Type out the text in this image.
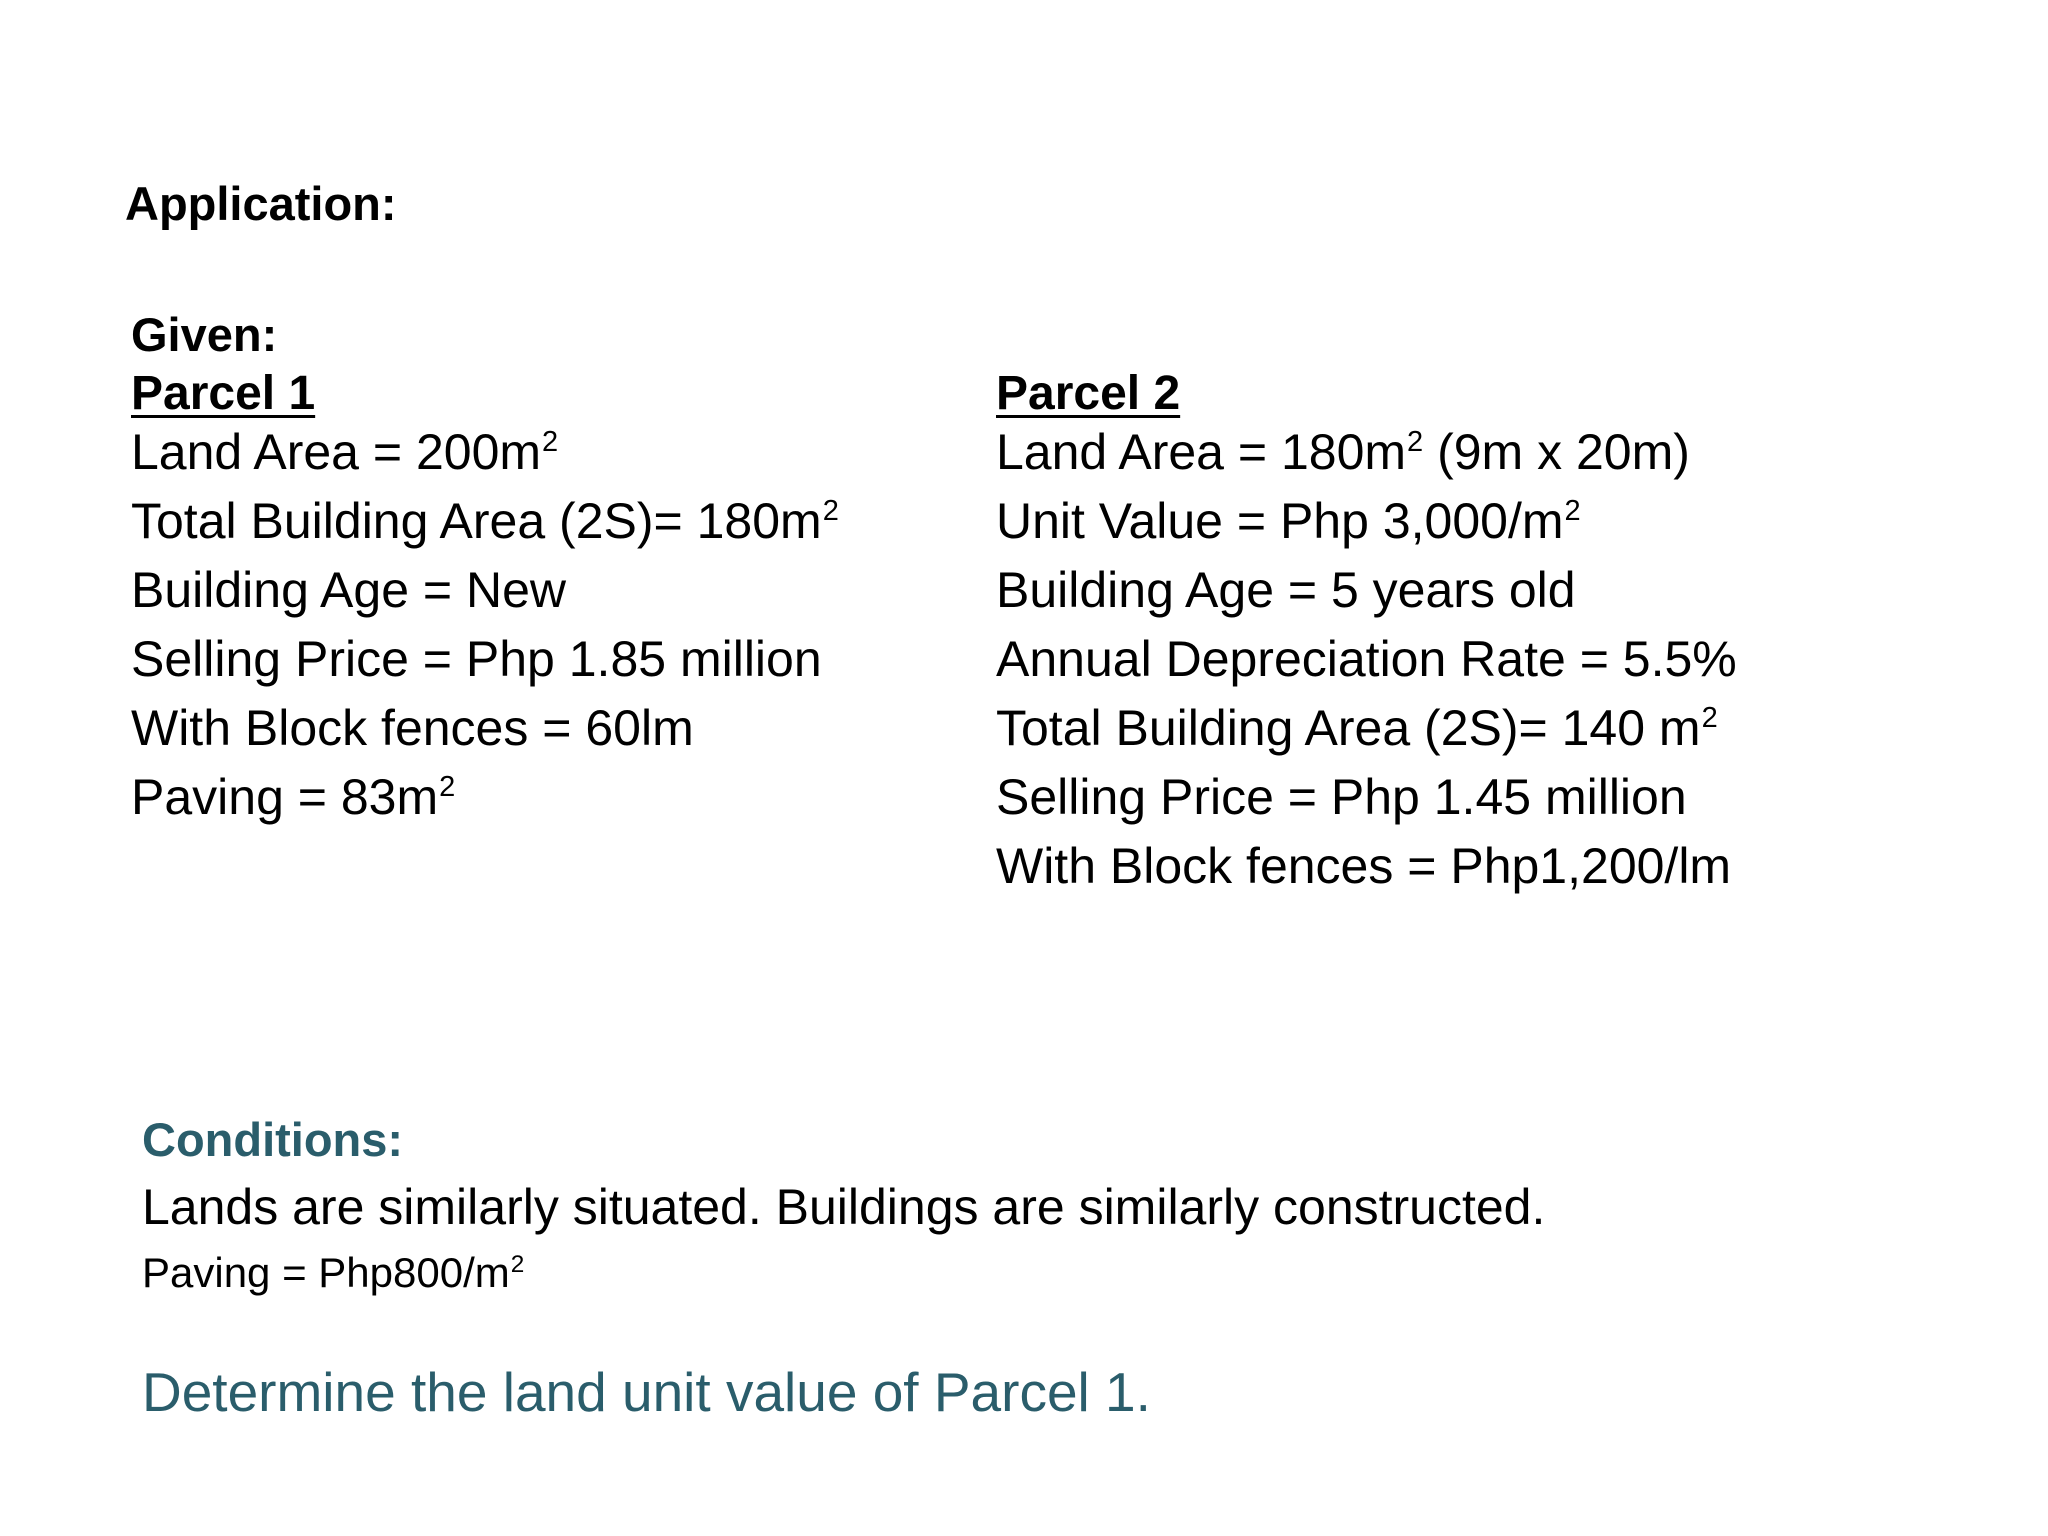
Application:
Given:
Parcel 1
Land Area = $200m^2$
Total Building Area $(2S)= 180m^2$
Building Age = New
Selling Price = Php 1.85 million
With Block fences = 60lm
Paving = $83m^2$
Parcel 2
Land Area = $180m^2$ (9m x 20m)
Unit Value = Php $3,000/m^2$
Building Age = 5 years old
Annual Depreciation Rate = 5.5%
Total Building Area (2S)= 140 $m^2$
Selling Price = Php 1.45 million
With Block fences = Php1,200/lm
Conditions:
Lands are similarly situated. Buildings are similarly constructed.
Paving = $Php800/m^2$
Determine the land unit value of Parcel 1.
